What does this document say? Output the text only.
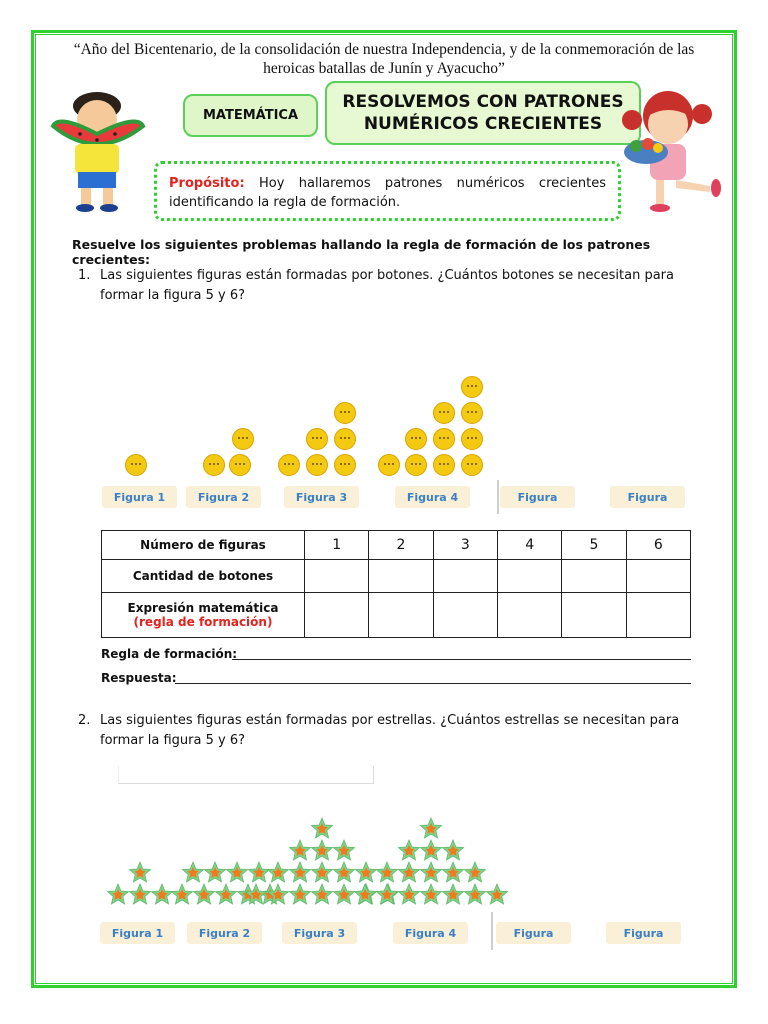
“Año del Bicentenario, de la consolidación de nuestra Independencia, y de la conmemoración de las heroicas batallas de Junín y Ayacucho”
MATEMÁTICA
RESOLVEMOS CON PATRONES NUMÉRICOS CRECIENTES
Propósito: Hoy hallaremos patrones numéricos crecientes identificando la regla de formación.
Resuelve los siguientes problemas hallando la regla de formación de los patrones crecientes:
1. Las siguientes figuras están formadas por botones. ¿Cuántos botones se necesitan para formar la figura 5 y 6?
Figura 1	Figura 2	Figura 3	Figura 4	Figura	Figura
Número de figuras	1	2	3	4	5	6
Cantidad de botones						

Expresión matemática
(regla de formación)						

Regla de formación:
Respuesta:
2. Las siguientes figuras están formadas por estrellas. ¿Cuántos estrellas se necesitan para formar la figura 5 y 6?
Figura 1	Figura 2	Figura 3	Figura 4	Figura	Figura
